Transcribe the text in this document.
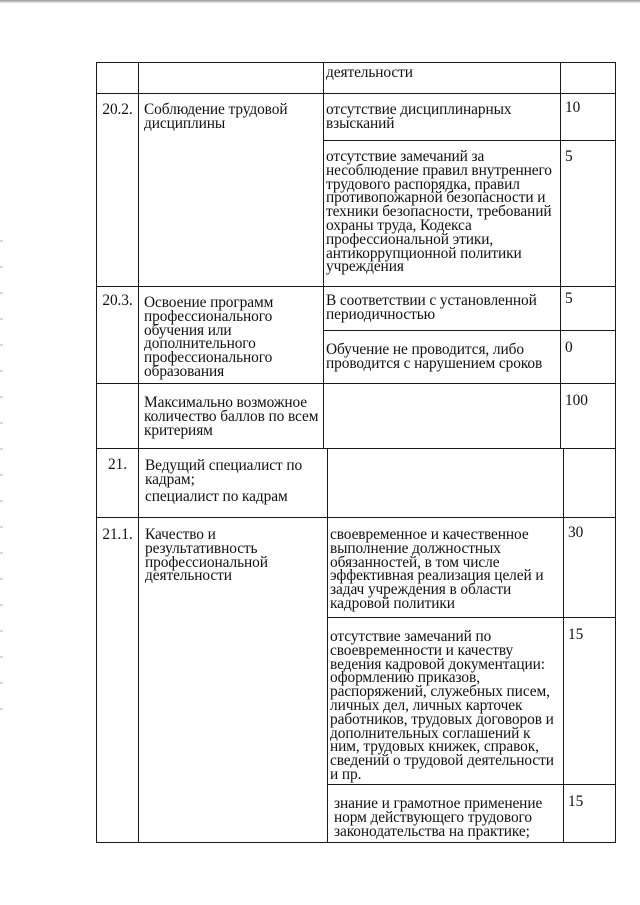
деятельности
20.2. Соблюдение трудовой дисциплины
отсутствие дисциплинарных взысканий
10
отсутствие замечаний за несоблюдение правил внутреннего трудового распорядка, правил противопожарной безопасности и техники безопасности, требований охраны труда, Кодекса профессиональной этики, антикоррупционной политики учреждения
5
20.3. Освоение программ профессионального обучения или дополнительного профессионального образования
В соответствии с установленной периодичностью
5
Обучение не проводится, либо проводится с нарушением сроков
0
Максимально возможное количество баллов по всем критериям
100
21.	Ведущий специалист по кадрам;
специалист по кадрам
21.1. Качество и результативность профессиональной деятельности
своевременное и качественное выполнение должностных обязанностей, в том числе эффективная реализация целей и задач учреждения в области кадровой политики
30
отсутствие замечаний по своевременности и качеству ведения кадровой документации: оформлению приказов, распоряжений, служебных писем, личных дел, личных карточек работников, трудовых договоров и дополнительных соглашений к ним, трудовых книжек, справок, сведений о трудовой деятельности и пр.
15
знание и грамотное применение норм действующего трудового законодательства на практике;
15
